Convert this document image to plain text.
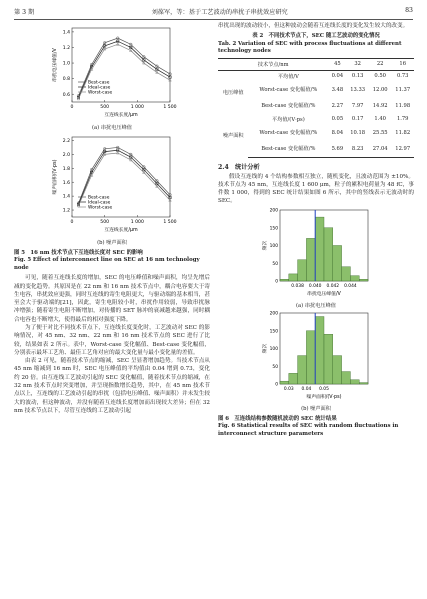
第 3 期	刘葆军，等：基于工艺波动的串扰子串扰效应研究	83
0	500	1 000	1 500
0.6
0.8
1.0
1.2
1.4
互连线长度/μm
串扰电压峰值/V
Best-case
Ideal-case
Worst-case
(a) 串扰电压峰值
0	500	1 000	1 500
1.2
1.4
1.6
1.8
2.0
2.2
互连线长度/μm
噪声面积/(V·ps)
Best-case
Ideal-case
Worst-case
(b) 噪声面积

图 5　16 nm 技术节点下互连线长度对 SEC 的影响

Fig. 5 Effect of interconnect line on SEC at 16 nm technology node

可见，随着互连线长度的增加，SEC 的电压峰值和噪声面积，均呈先增后减的变化趋势。其原因是在 22 nm 和 16 nm 技术节点中，耦合电容要大于寄生电容，串扰效应更强，同时互连线的寄生电阻更大，与驱动端的基本相当，甚至会大于驱动端的[21]，因此，寄生电阻较小时，串扰作用较弱，导致串扰脉冲增强；随着寄生电阻不断增加，对传播的 SET 脉冲的衰减越来越强，同时耦合电容也不断增大，使得最后的相对强度下降。

为了便于对比不同技术节点下，互连线长度变化时，工艺波动对 SEC 的影响情况，对 45 nm、32 nm、22 nm 和 16 nm 技术节点的 SEC 进行了比较，结果如表 2 所示。表中，Worst-case 变化幅值、Best-case 变化幅值，分别表示最坏工艺角、最佳工艺角对应的最大变化量与最小变化量的差值。

由表 2 可见，随着技术节点的缩减，SEC 呈显著增加趋势。当技术节点从 45 nm 缩减到 16 nm 时，SEC 电压峰值的平均值由 0.04 增到 0.73，变化约 20 倍。由互连线工艺波动引起的 SEC 变化幅值，随着技术节点的缩减，在 32 nm 技术节点时突变增加，并呈现指数增长趋势，其中，在 45 nm 技术节点以上，互连线的工艺波动引起的串扰（包括电压峰值、噪声面积）并未发生较大的波动，但这种波动，并没有随着互连线长度增加而出现较大差异；但在 32 nm 技术节点以下，尽管互连线的工艺波动引起

串扰出现的波动较小，但这种波动会随着互连线长度的变化发生较大的改变。

表 2　不同技术节点下，SEC 随工艺波动的变化情况

Tab. 2 Variation of SEC with process fluctuations at different technology nodes

技术节点/nm		45	32	22	16
电压峰值	平均值/V	0.04	0.13	0.50	0.73
	Worst-case 变化幅值/%	3.48	13.33	12.00	11.37
	Best-case 变化幅值/%	2.27	7.97	14.92	11.98
噪声面积	平均值/(V·ps)	0.05	0.17	1.40	1.79
	Worst-case 变化幅值/%	8.04	10.18	25.55	11.82
	Best-case 变化幅值/%	5.69	8.23	27.04	12.97
2.4　统计分析

假设互连线的 4 个结构参数相互独立，随机变化，且波动范围为 ±10%。技术节点为 45 nm，互连线长度 1 600 μm，粒子的累积电荷量为 48 fC，事件数 1 000，得到的 SEC 统计结果如图 6 所示，其中的竖线表示无波动时的 SEC。

0
50
100
150
200
0.038 0.040 0.042 0.044
串扰电压峰值/V
频次
(a) 串扰电压峰值
0
50
100
150
200
0.03 0.04 0.05
噪声面积/(V·ps)
频次
(b) 噪声面积

图 6　互连线结构参数随机波动的 SEC 统计结果

Fig. 6 Statistical results of SEC with random fluctuations in interconnect structure parameters
